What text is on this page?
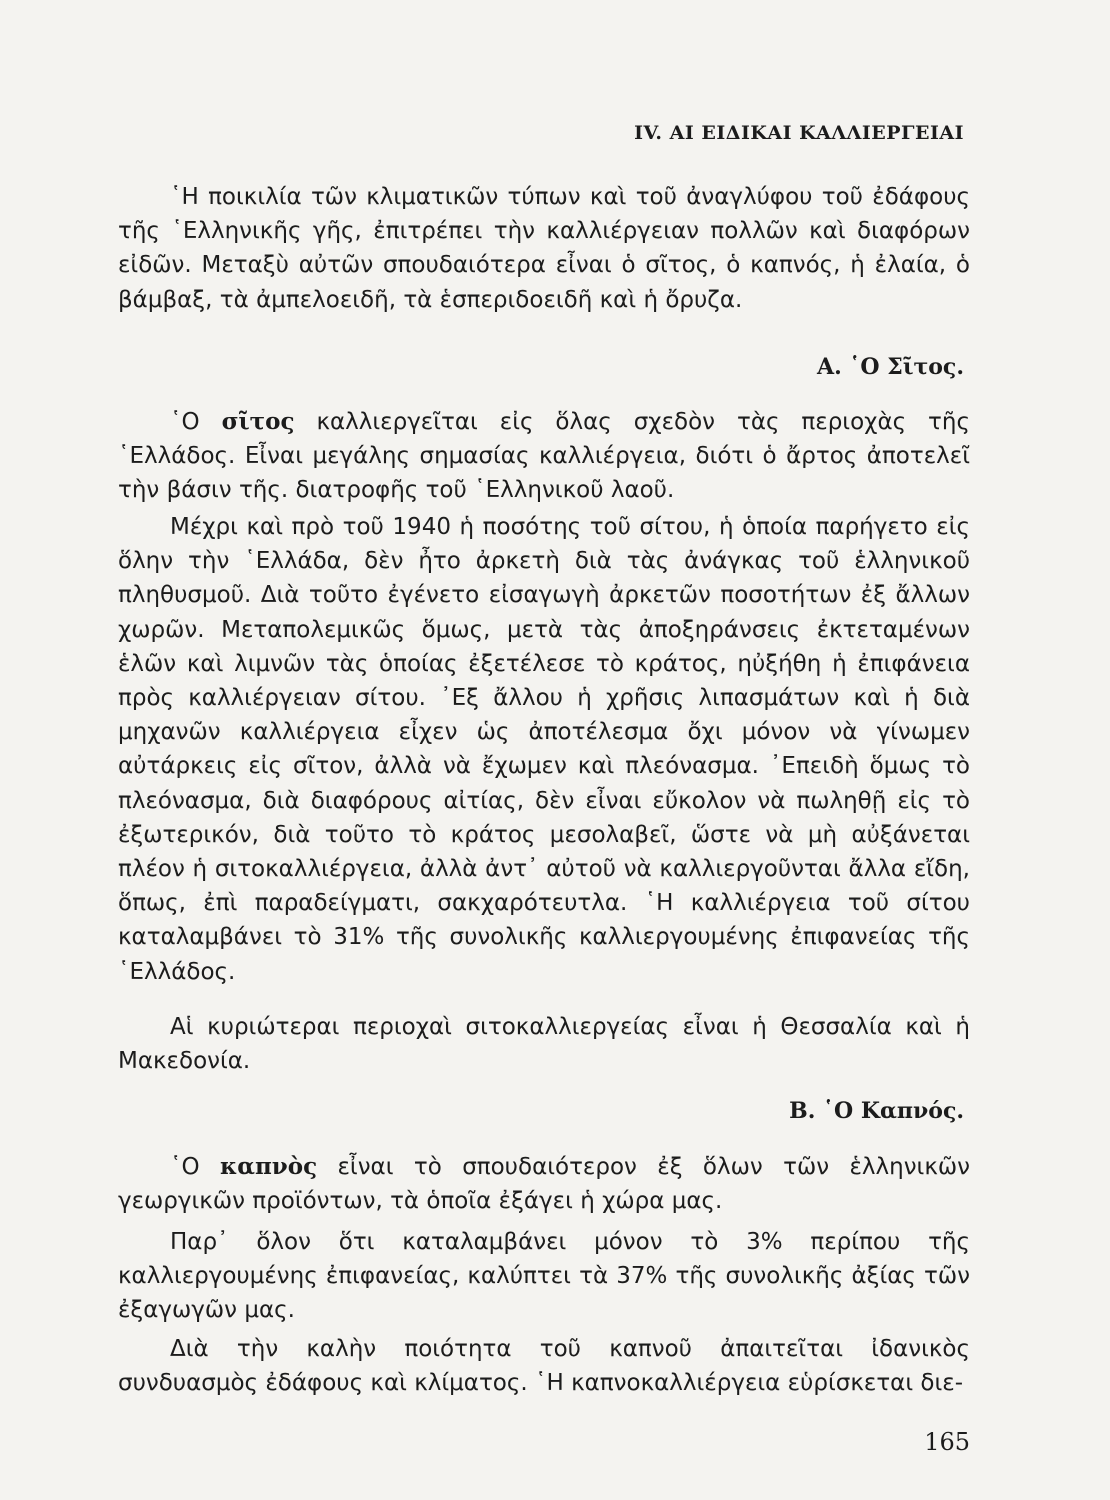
IV. ΑΙ ΕΙΔΙΚΑΙ ΚΑΛΛΙΕΡΓΕΙΑΙ

῾Η ποικιλία τῶν κλιματικῶν τύπων καὶ τοῦ ἀναγλύφου τοῦ ἐδάφους τῆς ῾Ελληνικῆς γῆς, ἐπιτρέπει τὴν καλλιέργειαν πολλῶν καὶ διαφόρων εἰδῶν. Μεταξὺ αὐτῶν σπουδαιότερα εἶναι ὁ σῖτος, ὁ καπνός, ἡ ἐλαία, ὁ βάμβαξ, τὰ ἀμπελοειδῆ, τὰ ἑσπεριδοειδῆ καὶ ἡ ὄρυζα.

Α. ῾Ο Σῖτος.

῾Ο σῖτος καλλιεργεῖται εἰς ὅλας σχεδὸν τὰς περιοχὰς τῆς ῾Ελλάδος. Εἶναι μεγάλης σημασίας καλλιέργεια, διότι ὁ ἄρτος ἀποτελεῖ τὴν βάσιν τῆς. διατροφῆς τοῦ ῾Ελληνικοῦ λαοῦ.

Μέχρι καὶ πρὸ τοῦ 1940 ἡ ποσότης τοῦ σίτου, ἡ ὁποία παρήγετο εἰς ὅλην τὴν ῾Ελλάδα, δὲν ἦτο ἀρκετὴ διὰ τὰς ἀνάγκας τοῦ ἑλληνικοῦ πληθυσμοῦ. Διὰ τοῦτο ἐγένετο εἰσαγωγὴ ἀρκετῶν ποσοτήτων ἐξ ἄλλων χωρῶν. Μεταπολεμικῶς ὅμως, μετὰ τὰς ἀποξηράνσεις ἐκτεταμένων ἑλῶν καὶ λιμνῶν τὰς ὁποίας ἐξετέλεσε τὸ κράτος, ηὐξήθη ἡ ἐπιφάνεια πρὸς καλλιέργειαν σίτου. ᾿Εξ ἄλλου ἡ χρῆσις λιπασμάτων καὶ ἡ διὰ μηχανῶν καλλιέργεια εἶχεν ὡς ἀποτέλεσμα ὄχι μόνον νὰ γίνωμεν αὐτάρκεις εἰς σῖτον, ἀλλὰ νὰ ἔχωμεν καὶ πλεόνασμα. ᾿Επειδὴ ὅμως τὸ πλεόνασμα, διὰ διαφόρους αἰτίας, δὲν εἶναι εὔκολον νὰ πωληθῇ εἰς τὸ ἐξωτερικόν, διὰ τοῦτο τὸ κράτος μεσολαβεῖ, ὥστε νὰ μὴ αὐξάνεται πλέον ἡ σιτοκαλλιέργεια, ἀλλὰ ἀντ᾿ αὐτοῦ νὰ καλλιεργοῦνται ἄλλα εἴδη, ὅπως, ἐπὶ παραδείγματι, σακχαρότευτλα. ῾Η καλλιέργεια τοῦ σίτου καταλαμβάνει τὸ 31% τῆς συνολικῆς καλλιεργουμένης ἐπιφανείας τῆς ῾Ελλάδος.

Αἱ κυριώτεραι περιοχαὶ σιτοκαλλιεργείας εἶναι ἡ Θεσσαλία καὶ ἡ Μακεδονία.

Β. ῾Ο Καπνός.

῾Ο καπνὸς εἶναι τὸ σπουδαιότερον ἐξ ὅλων τῶν ἑλληνικῶν γεωργικῶν προϊόντων, τὰ ὁποῖα ἐξάγει ἡ χώρα μας.

Παρ᾿ ὅλον ὅτι καταλαμβάνει μόνον τὸ 3% περίπου τῆς καλλιεργουμένης ἐπιφανείας, καλύπτει τὰ 37% τῆς συνολικῆς ἀξίας τῶν ἐξαγωγῶν μας.

Διὰ τὴν καλὴν ποιότητα τοῦ καπνοῦ ἀπαιτεῖται ἰδανικὸς συνδυασμὸς ἐδάφους καὶ κλίματος. ῾Η καπνοκαλλιέργεια εὑρίσκεται διε-

165
